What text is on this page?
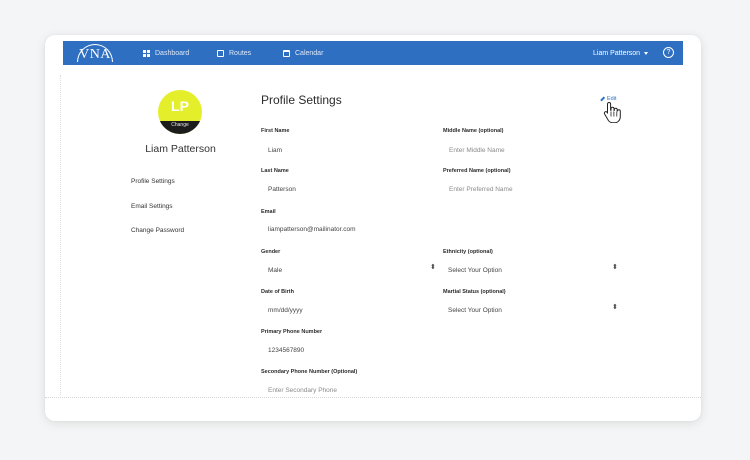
VNA	Dashboard	Routes	Calendar	Liam Patterson	?
LP
Change
Liam Patterson
Profile Settings
Email Settings
Change Password
Profile Settings	Edit
First Name
Liam
Middle Name (optional)
Enter Middle Name
Last Name
Patterson
Preferred Name (optional)
Enter Preferred Name
Email
liampatterson@mailinator.com
Gender
Male	⬍
Ethnicity (optional)
Select Your Option	⬍
Date of Birth
mm/dd/yyyy
Martial Status (optional)
Select Your Option	⬍
Primary Phone Number
1234567890
Secondary Phone Number (Optional)
Enter Secondary Phone
